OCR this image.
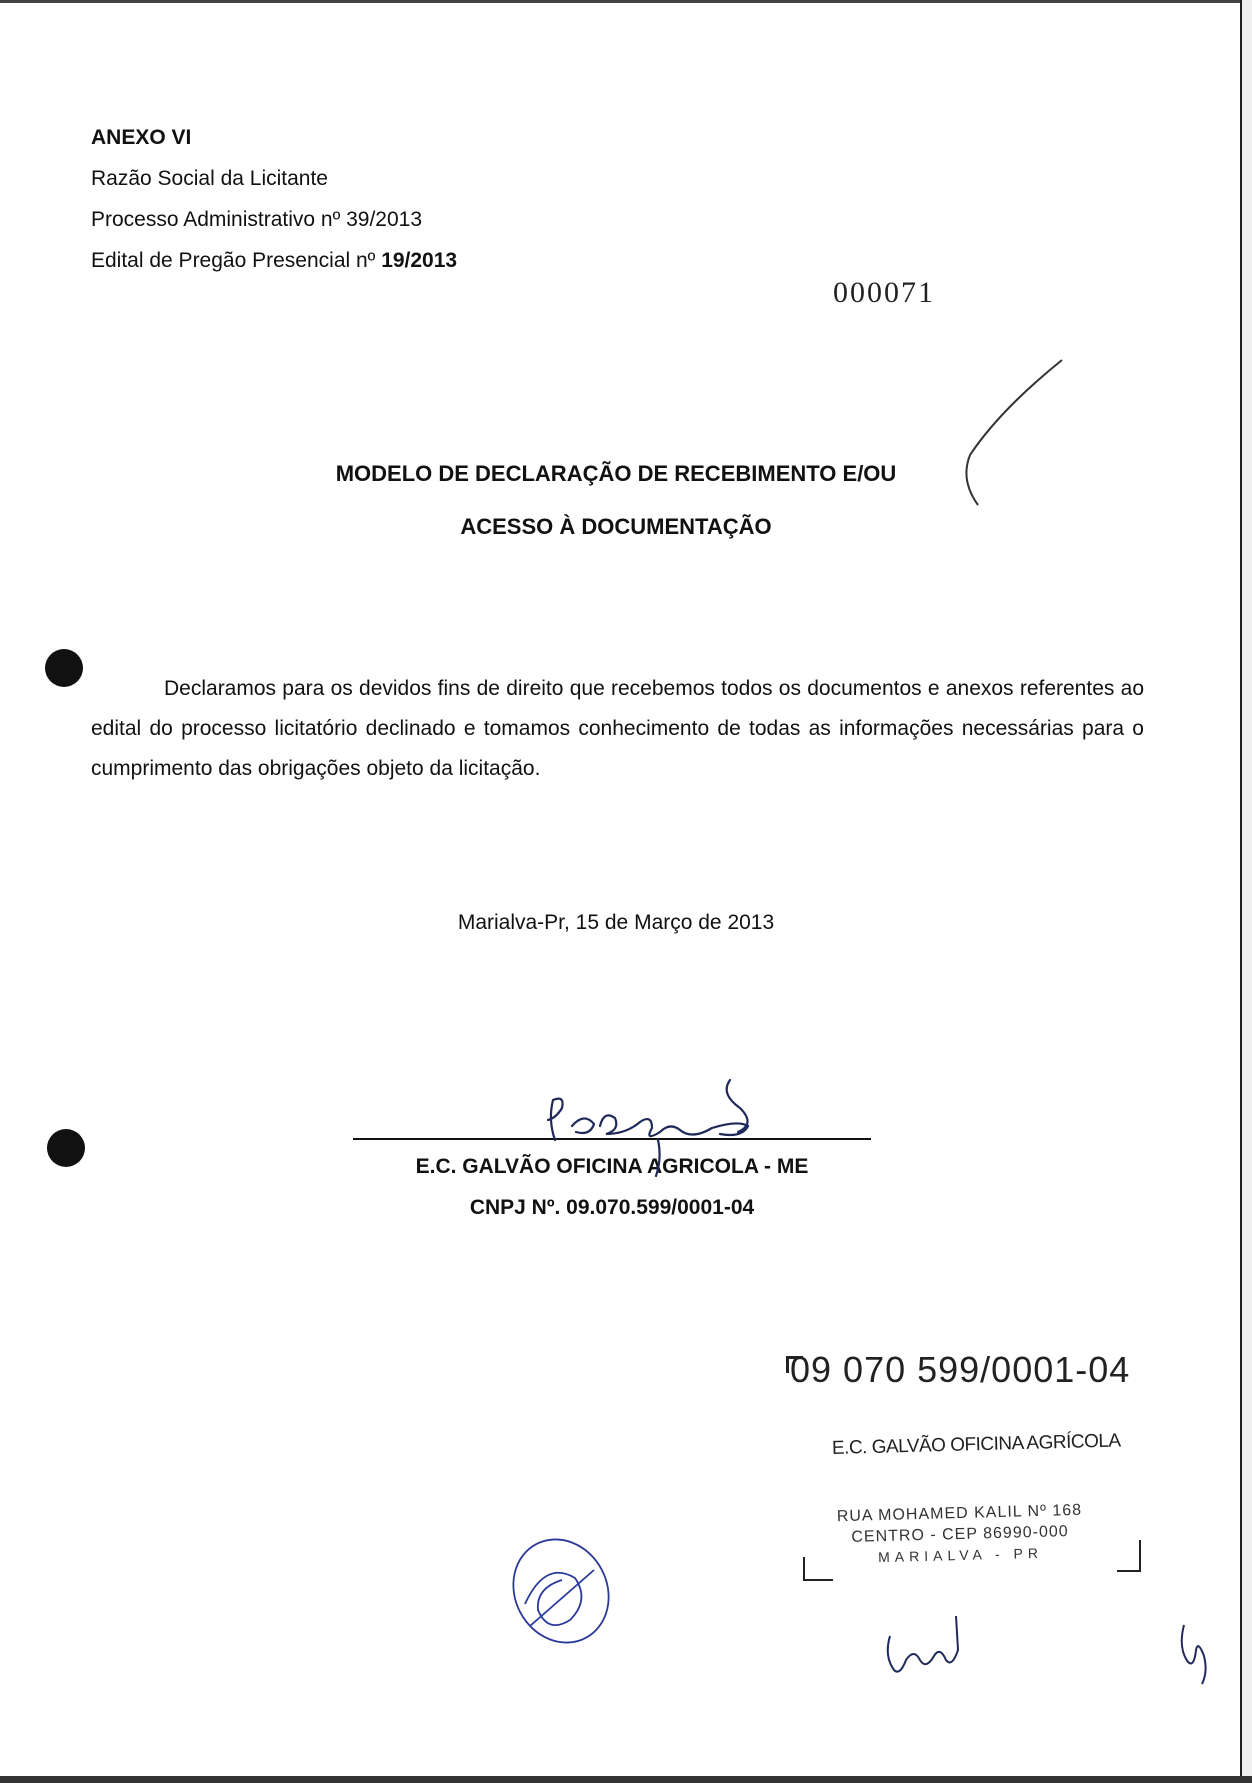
ANEXO VI
Razão Social da Licitante
Processo Administrativo nº 39/2013
Edital de Pregão Presencial nº 19/2013
000071
MODELO DE DECLARAÇÃO DE RECEBIMENTO E/OU
ACESSO À DOCUMENTAÇÃO
Declaramos para os devidos fins de direito que recebemos todos os documentos e anexos referentes ao edital do processo licitatório declinado e tomamos conhecimento de todas as informações necessárias para o cumprimento das obrigações objeto da licitação.
Marialva-Pr, 15 de Março de 2013
E.C. GALVÃO OFICINA AGRICOLA - ME
CNPJ Nº. 09.070.599/0001-04
09 070 599/0001-04
E.C. GALVÃO OFICINA AGRÍCOLA
RUA MOHAMED KALIL Nº 168
CENTRO - CEP 86990-000
MARIALVA - PR
